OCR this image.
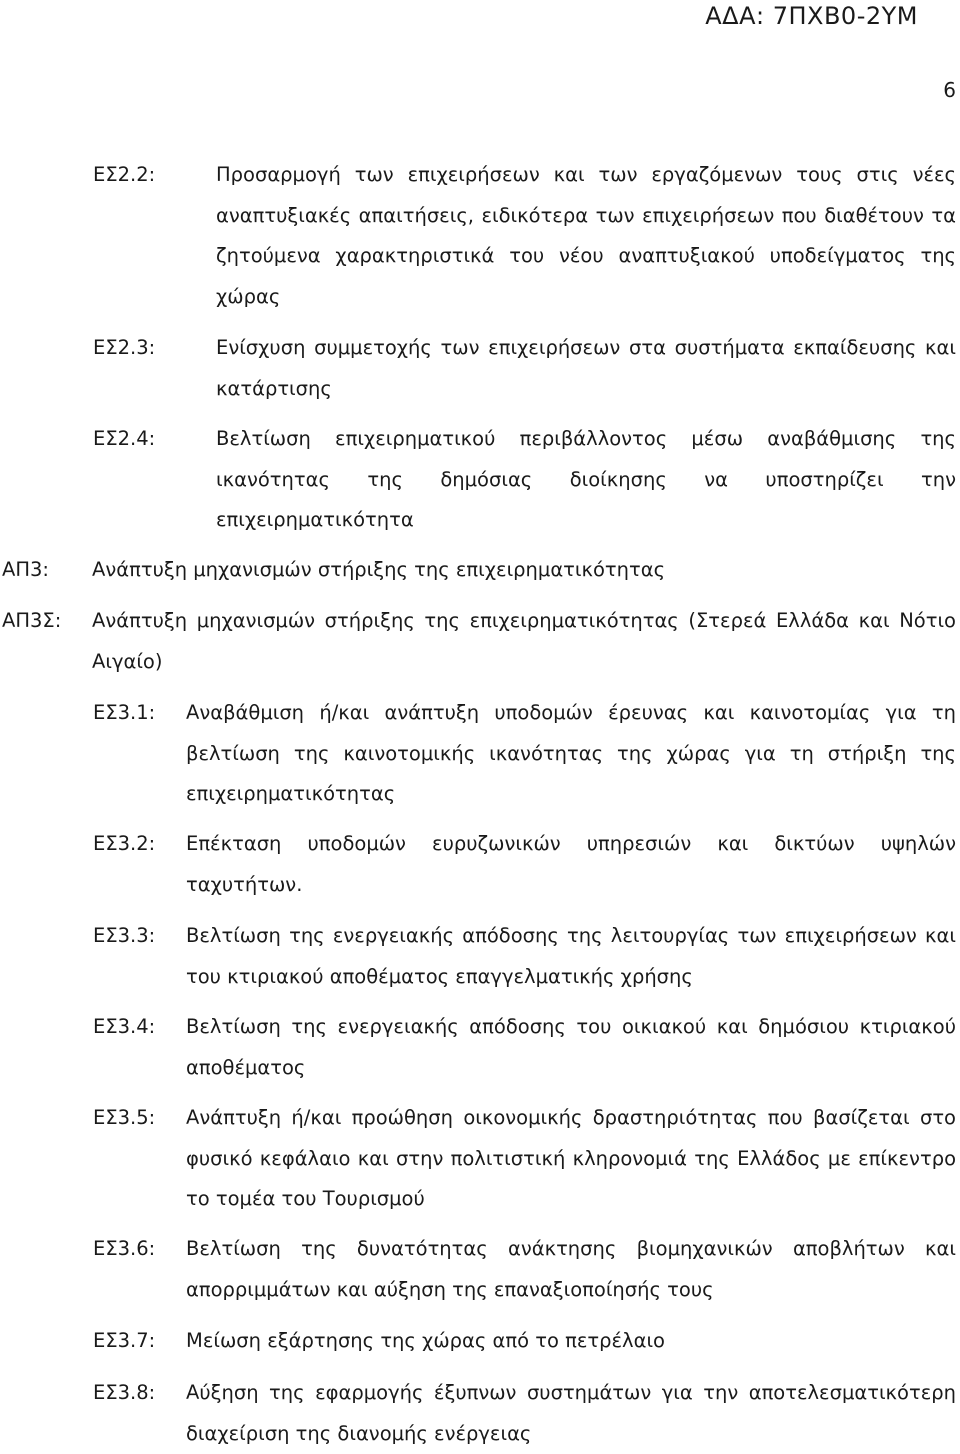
ΑΔΑ: 7ΠΧΒ0-2ΥΜ
6
ΕΣ2.2:	Προσαρμογή των επιχειρήσεων και των εργαζόμενων τους στις νέες αναπτυξιακές απαιτήσεις, ειδικότερα των επιχειρήσεων που διαθέτουν τα ζητούμενα χαρακτηριστικά του νέου αναπτυξιακού υποδείγματος της χώρας
ΕΣ2.3:	Ενίσχυση συμμετοχής των επιχειρήσεων στα συστήματα εκπαίδευσης και κατάρτισης
ΕΣ2.4:	Βελτίωση επιχειρηματικού περιβάλλοντος μέσω αναβάθμισης της ικανότητας της δημόσιας διοίκησης να υποστηρίζει την επιχειρηματικότητα
ΑΠ3: Ανάπτυξη μηχανισμών στήριξης της επιχειρηματικότητας
ΑΠ3Σ: Ανάπτυξη μηχανισμών στήριξης της επιχειρηματικότητας (Στερεά Ελλάδα και Νότιο Αιγαίο)
ΕΣ3.1: Αναβάθμιση ή/και ανάπτυξη υποδομών έρευνας και καινοτομίας για τη βελτίωση της καινοτομικής ικανότητας της χώρας για τη στήριξη της επιχειρηματικότητας
ΕΣ3.2: Επέκταση υποδομών ευρυζωνικών υπηρεσιών και δικτύων υψηλών ταχυτήτων.
ΕΣ3.3: Βελτίωση της ενεργειακής απόδοσης της λειτουργίας των επιχειρήσεων και του κτιριακού αποθέματος επαγγελματικής χρήσης
ΕΣ3.4: Βελτίωση της ενεργειακής απόδοσης του οικιακού και δημόσιου κτιριακού αποθέματος
ΕΣ3.5: Ανάπτυξη ή/και προώθηση οικονομικής δραστηριότητας που βασίζεται στο φυσικό κεφάλαιο και στην πολιτιστική κληρονομιά της Ελλάδος με επίκεντρο το τομέα του Τουρισμού
ΕΣ3.6: Βελτίωση της δυνατότητας ανάκτησης βιομηχανικών αποβλήτων και απορριμμάτων και αύξηση της επαναξιοποίησής τους
ΕΣ3.7: Μείωση εξάρτησης της χώρας από το πετρέλαιο
ΕΣ3.8: Αύξηση της εφαρμογής έξυπνων συστημάτων για την αποτελεσματικότερη διαχείριση της διανομής ενέργειας
